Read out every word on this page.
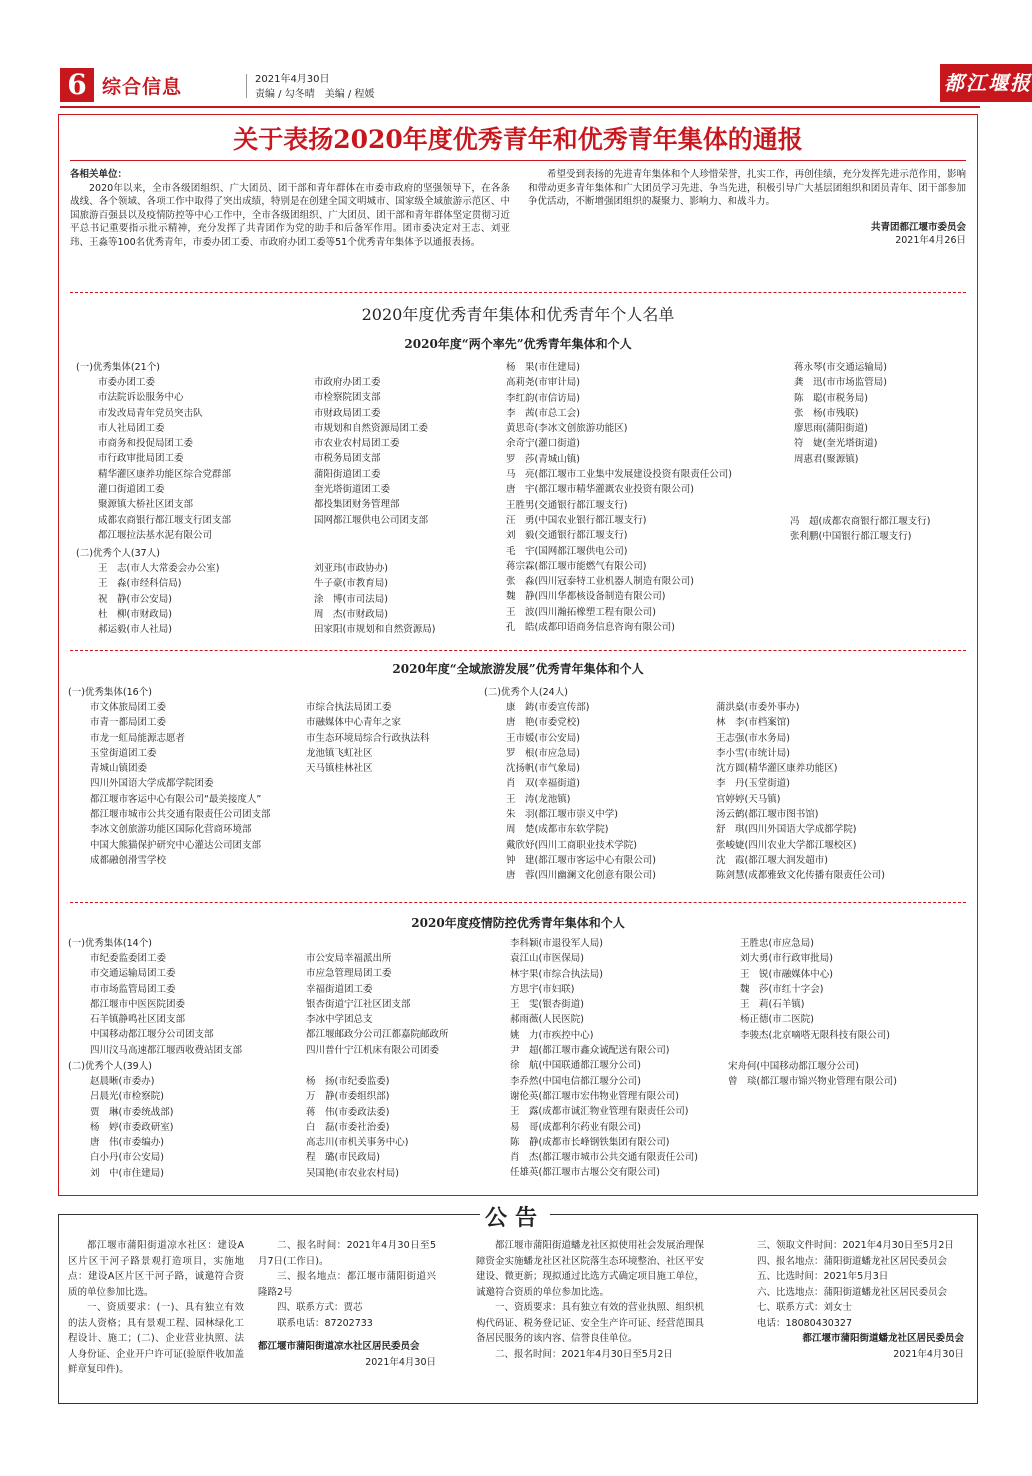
6 综合信息	2021年4月30日
责编 / 勾冬晴　美编 / 程媛	都江堰报
关于表扬2020年度优秀青年和优秀青年集体的通报
各相关单位：

2020年以来，全市各级团组织、广大团员、团干部和青年群体在市委市政府的坚强领导下，在各条战线、各个领域、各项工作中取得了突出成绩，特别是在创建全国文明城市、国家级全域旅游示范区、中国旅游百强县以及疫情防控等中心工作中，全市各级团组织、广大团员、团干部和青年群体坚定贯彻习近平总书记重要指示批示精神，充分发挥了共青团作为党的助手和后备军作用。团市委决定对王志、刘亚玮、王淼等100名优秀青年，市委办团工委、市政府办团工委等51个优秀青年集体予以通报表扬。

希望受到表扬的先进青年集体和个人珍惜荣誉，扎实工作，再创佳绩，充分发挥先进示范作用，影响和带动更多青年集体和广大团员学习先进、争当先进，积极引导广大基层团组织和团员青年、团干部参加争优活动，不断增强团组织的凝聚力、影响力、和战斗力。

共青团都江堰市委员会
2021年4月26日
2020年度优秀青年集体和优秀青年个人名单
2020年度“两个率先”优秀青年集体和个人
(一)优秀集体(21个)
市委办团工委
市法院诉讼服务中心
市发改局青年党员突击队
市人社局团工委
市商务和投促局团工委
市行政审批局团工委
精华灌区康养功能区综合党群部
灌口街道团工委
聚源镇大桥社区团支部
成都农商银行都江堰支行团支部
都江堰拉法基水泥有限公司
市政府办团工委
市检察院团支部
市财政局团工委
市规划和自然资源局团工委
市农业农村局团工委
市税务局团支部
蒲阳街道团工委
奎光塔街道团工委
都投集团财务管理部
国网都江堰供电公司团支部
(二)优秀个人(37人)
王　志(市人大常委会办公室)
王　淼(市经科信局)
祝　静(市公安局)
杜　柳(市财政局)
郝运毅(市人社局)
刘亚玮(市政协办)
牛子豪(市教育局)
涂　博(市司法局)
周　杰(市财政局)
田家阳(市规划和自然资源局)
杨　果(市住建局)
高莉尧(市审计局)
李红韵(市信访局)
李　茜(市总工会)
黄思奇(李冰文创旅游功能区)
余奇宁(灌口街道)
罗　莎(青城山镇)
马　亮(都江堰市工业集中发展建设投资有限责任公司)
唐　宇(都江堰市精华灌溉农业投资有限公司)
王胜男(交通银行都江堰支行)
汪　勇(中国农业银行都江堰支行)
刘　毅(交通银行都江堰支行)
毛　宇(国网都江堰供电公司)
蒋宗霖(都江堰市能燃气有限公司)
张　淼(四川冠泰特工业机器人制造有限公司)
魏　静(四川华都核设备制造有限公司)
王　波(四川瀚拓橡塑工程有限公司)
孔　皓(成都印语商务信息咨询有限公司)
蒋永琴(市交通运输局)
龚　迅(市市场监管局)
陈　聪(市税务局)
张　杨(市残联)
廖思雨(蒲阳街道)
符　婕(奎光塔街道)
周惠君(聚源镇)
冯　超(成都农商银行都江堰支行)
张利鹏(中国银行都江堰支行)
2020年度“全域旅游发展”优秀青年集体和个人
(一)优秀集体(16个)
市文体旅局团工委
市青一都局团工委
市龙一虹局能源志愿者
玉堂街道团工委
青城山镇团委
四川外国语大学成都学院团委
都江堰市客运中心有限公司“最美接度人”
都江堰市城市公共交通有限责任公司团支部
李冰文创旅游功能区国际化营商环境部
中国大熊猫保护研究中心灌达公司团支部
成都融创滑雪学校
市综合执法局团工委
市融媒体中心青年之家
市生态环境局综合行政执法科
龙池镇飞虹社区
天马镇桂林社区
(二)优秀个人(24人)
康　鋳(市委宣传部)
唐　艳(市委党校)
王市媛(市公安局)
罗　根(市应急局)
沈扬帆(市气象局)
肖　双(幸福街道)
王　涛(龙池镇)
朱　羽(都江堰市崇义中学)
周　楚(成都市东软学院)
戴欣妤(四川工商职业技术学院)
钟　建(都江堰市客运中心有限公司)
唐　蓉(四川幽澜文化创意有限公司)
蒲洪燊(市委外事办)
林　李(市档案馆)
王志强(市水务局)
李小雪(市统计局)
沈方圆(精华灌区康养功能区)
李　丹(玉堂街道)
官婷婷(天马镇)
汤云鹤(都江堰市图书馆)
舒　琪(四川外国语大学成都学院)
张峻婕(四川农业大学都江堰校区)
沈　霞(都江堰大润发超市)
陈剑慧(成都雅致文化传播有限责任公司)
2020年度疫情防控优秀青年集体和个人
(一)优秀集体(14个)
市纪委监委团工委
市交通运输局团工委
市市场监管局团工委
都江堰市中医医院团委
石羊镇静鸣社区团支部
中国移动都江堰分公司团支部
四川汶马高速都江堰西收费站团支部
市公安局幸福派出所
市应急管理局团工委
幸福街道团工委
银杏街道宁江社区团支部
李冰中学团总支
都江堰邮政分公司江都嘉院邮政所
四川普什宁江机床有限公司团委
(二)优秀个人(39人)
赵晨晰(市委办)
吕晨光(市检察院)
贾　琳(市委统战部)
杨　婷(市委政研室)
唐　伟(市委编办)
白小丹(市公安局)
刘　中(市住建局)
杨　扬(市纪委监委)
万　静(市委组织部)
蒋　伟(市委政法委)
白　磊(市委社治委)
高志川(市机关事务中心)
程　璐(市民政局)
吴国艳(市农业农村局)
李科颖(市退役军人局)
袁江山(市医保局)
林宇果(市综合执法局)
方思宇(市妇联)
王　雯(银杏街道)
郝雨薇(人民医院)
姚　力(市疾控中心)
尹　超(都江堰市鑫众诚配送有限公司)
徐　航(中国联通都江堰分公司)
李乔然(中国电信都江堰分公司)
谢伦英(都江堰市宏伟物业管理有限公司)
王　露(成都市诚汇物业管理有限责任公司)
易　哥(成都利尔药业有限公司)
陈　静(成都市长峰钢铁集团有限公司)
肖　杰(都江堰市城市公共交通有限责任公司)
任雄英(都江堰市古堰公交有限公司)
王胜忠(市应急局)
刘大勇(市行政审批局)
王　锐(市融媒体中心)
魏　莎(市红十字会)
王　莉(石羊镇)
杨正德(市二医院)
李骏杰(北京嘀嗒无限科技有限公司)
宋舟何(中国移动都江堰分公司)
曾　琰(都江堰市锦兴物业管理有限公司)
公告

都江堰市蒲阳街道凉水社区：建设A区片区干河子路景观打造项目，实施地点：建设A区片区干河子路，诚邀符合资质的单位参加比选。

一、资质要求：(一)、具有独立有效的法人资格；具有景观工程、园林绿化工程设计、施工；(二)、企业营业执照、法人身份证、企业开户许可证(验原件收加盖鲜章复印件)。

二、报名时间：2021年4月30日至5月7日(工作日)。

三、报名地点：都江堰市蒲阳街道兴隆路2号

四、联系方式：贾芯

联系电话：87202733

都江堰市蒲阳街道凉水社区居民委员会
2021年4月30日

都江堰市蒲阳街道蟠龙社区拟使用社会发展治理保障资金实施蟠龙社区社区院落生态环境整治、社区平安建设、微更新；现拟通过比选方式确定项目施工单位，诚邀符合资质的单位参加比选。

一、资质要求：具有独立有效的营业执照、组织机构代码证、税务登记证、安全生产许可证、经营范围具备居民服务的该内容、信誉良佳单位。

二、报名时间：2021年4月30日至5月2日

三、领取文件时间：2021年4月30日至5月2日

四、报名地点：蒲阳街道蟠龙社区居民委员会

五、比选时间：2021年5月3日

六、比选地点：蒲阳街道蟠龙社区居民委员会

七、联系方式：刘女士

电话：18080430327

都江堰市蒲阳街道蟠龙社区居民委员会
2021年4月30日
